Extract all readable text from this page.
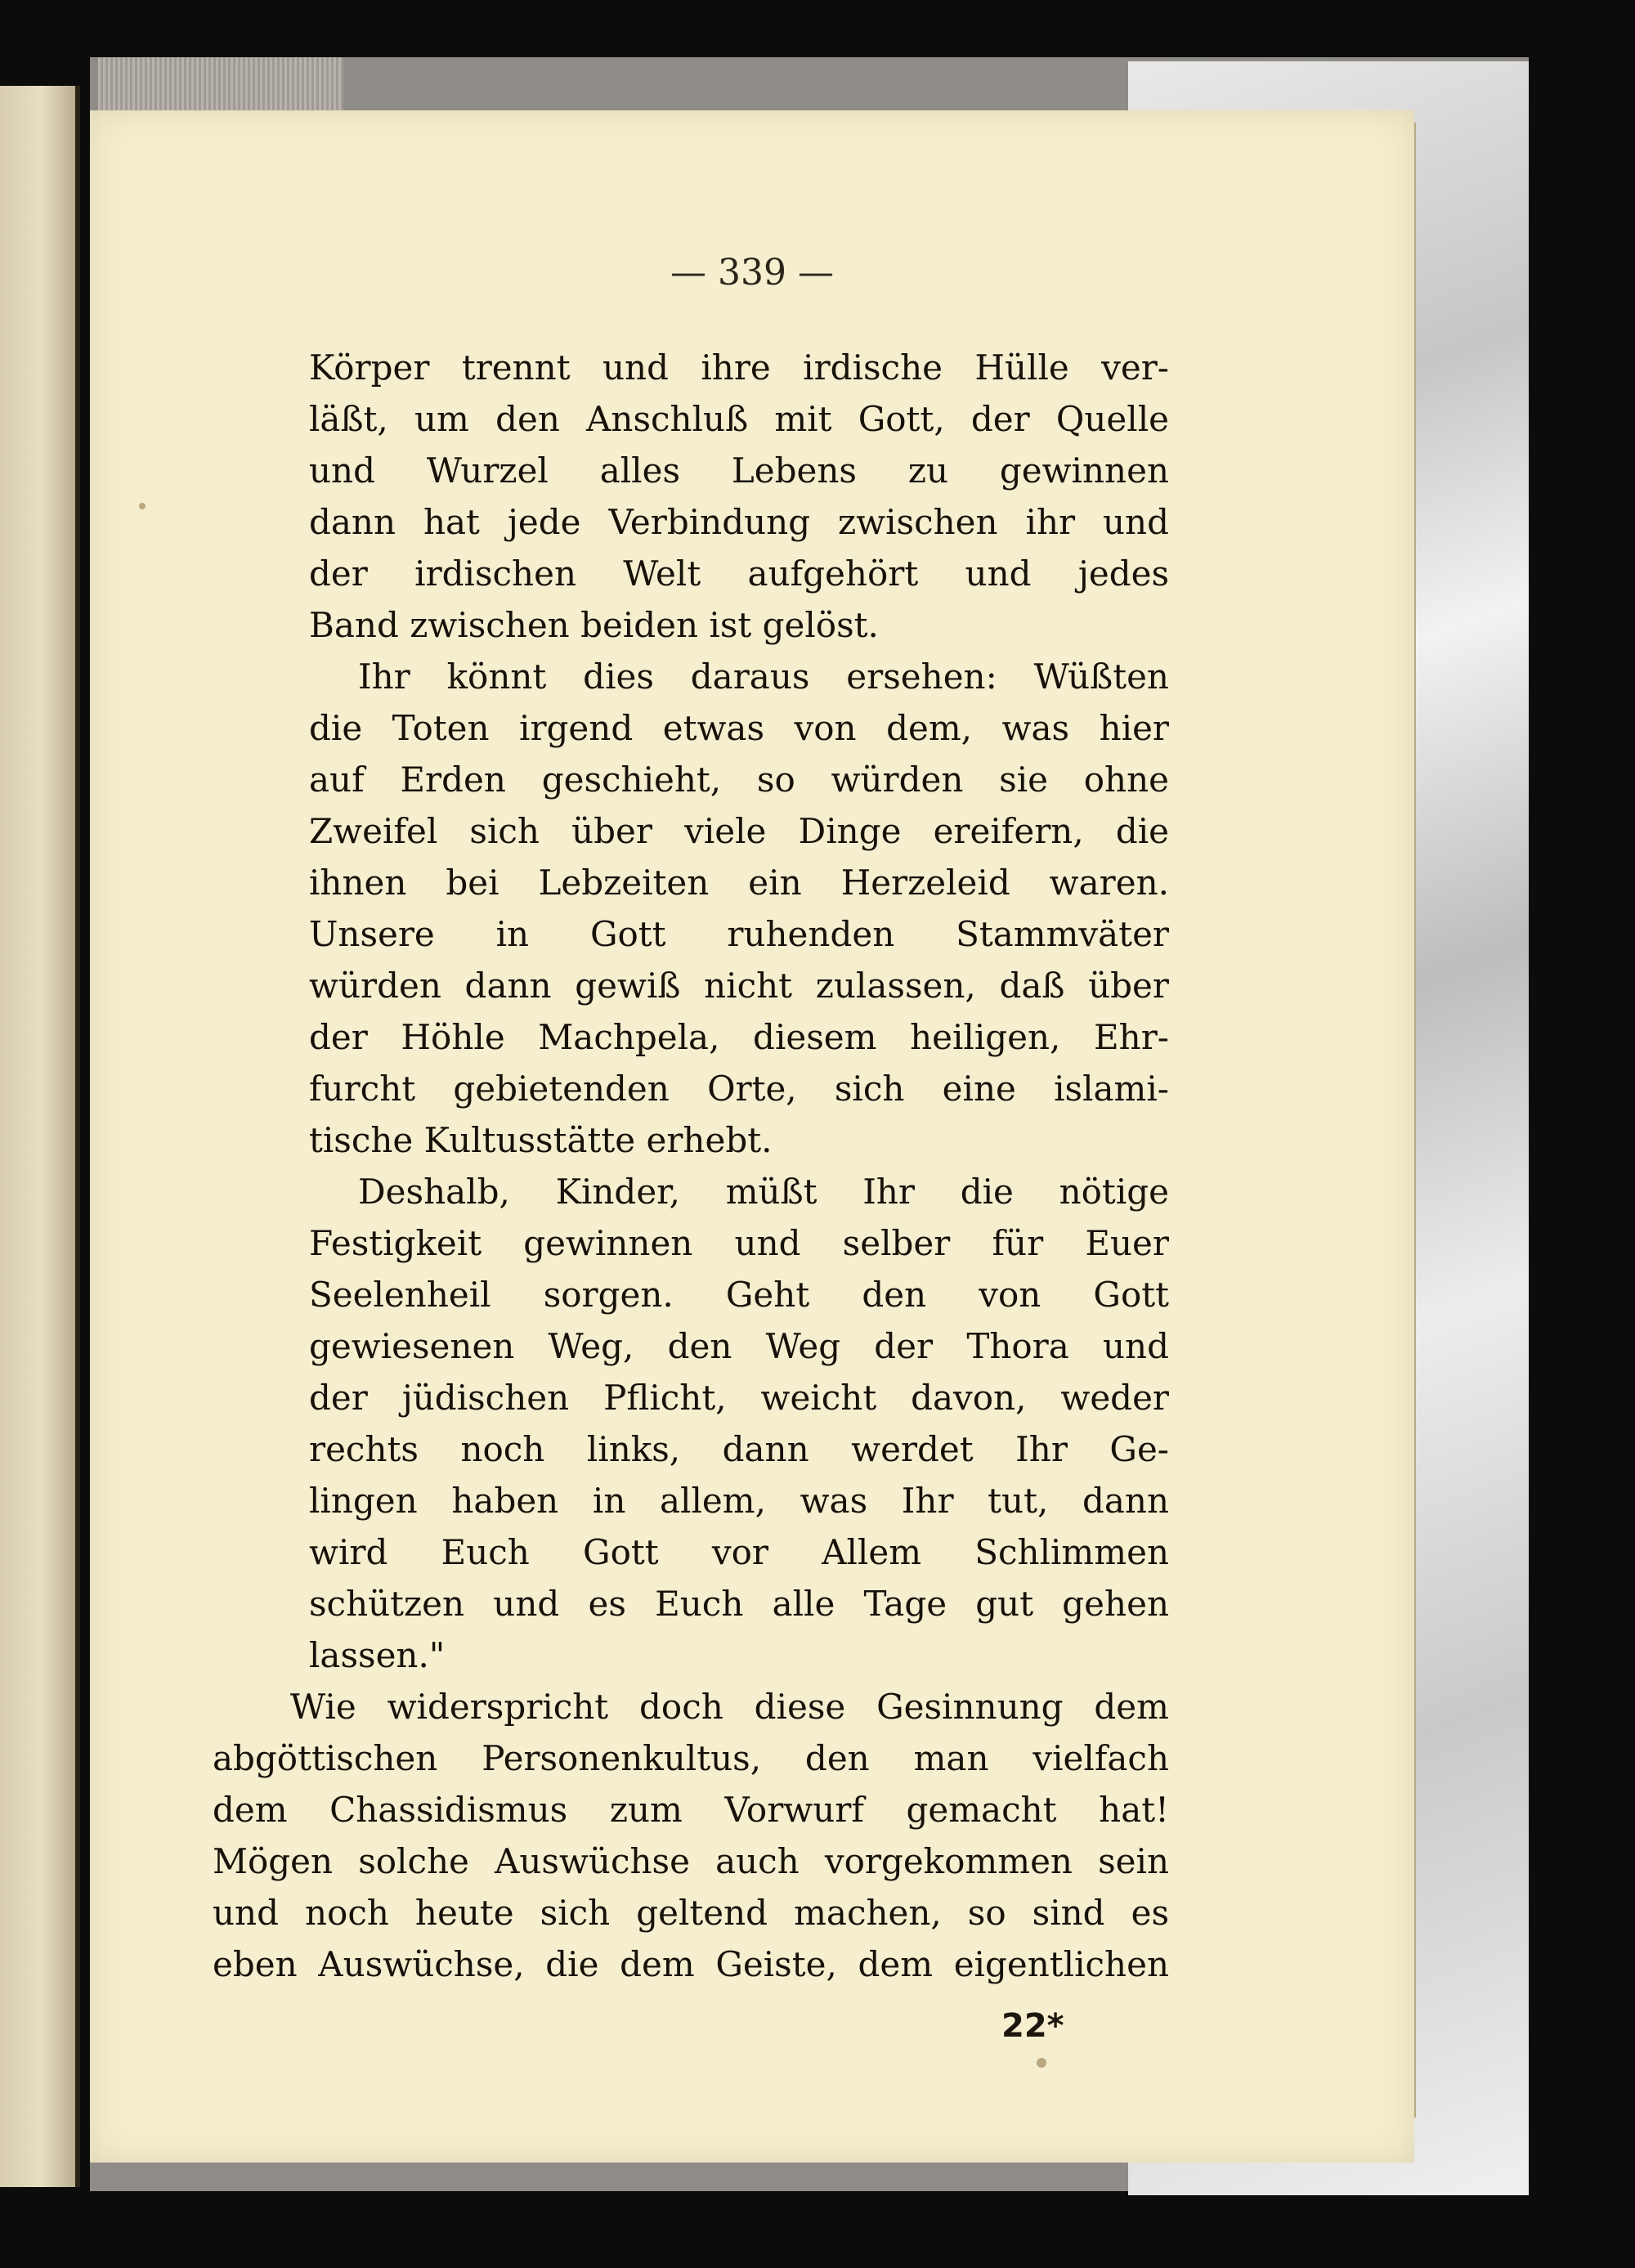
— 339 —
Körper trennt und ihre irdische Hülle ver-
läßt, um den Anschluß mit Gott, der Quelle
und Wurzel alles Lebens zu gewinnen
dann hat jede Verbindung zwischen ihr und
der irdischen Welt aufgehört und jedes
Band zwischen beiden ist gelöst.
Ihr könnt dies daraus ersehen: Wüßten
die Toten irgend etwas von dem, was hier
auf Erden geschieht, so würden sie ohne
Zweifel sich über viele Dinge ereifern, die
ihnen bei Lebzeiten ein Herzeleid waren.
Unsere in Gott ruhenden Stammväter
würden dann gewiß nicht zulassen, daß über
der Höhle Machpela, diesem heiligen, Ehr-
furcht gebietenden Orte, sich eine islami-
tische Kultusstätte erhebt.
Deshalb, Kinder, müßt Ihr die nötige
Festigkeit gewinnen und selber für Euer
Seelenheil sorgen. Geht den von Gott
gewiesenen Weg, den Weg der Thora und
der jüdischen Pflicht, weicht davon, weder
rechts noch links, dann werdet Ihr Ge-
lingen haben in allem, was Ihr tut, dann
wird Euch Gott vor Allem Schlimmen
schützen und es Euch alle Tage gut gehen
lassen."
Wie widerspricht doch diese Gesinnung dem
abgöttischen Personenkultus, den man vielfach
dem Chassidismus zum Vorwurf gemacht hat!
Mögen solche Auswüchse auch vorgekommen sein
und noch heute sich geltend machen, so sind es
eben Auswüchse, die dem Geiste, dem eigentlichen
22*
